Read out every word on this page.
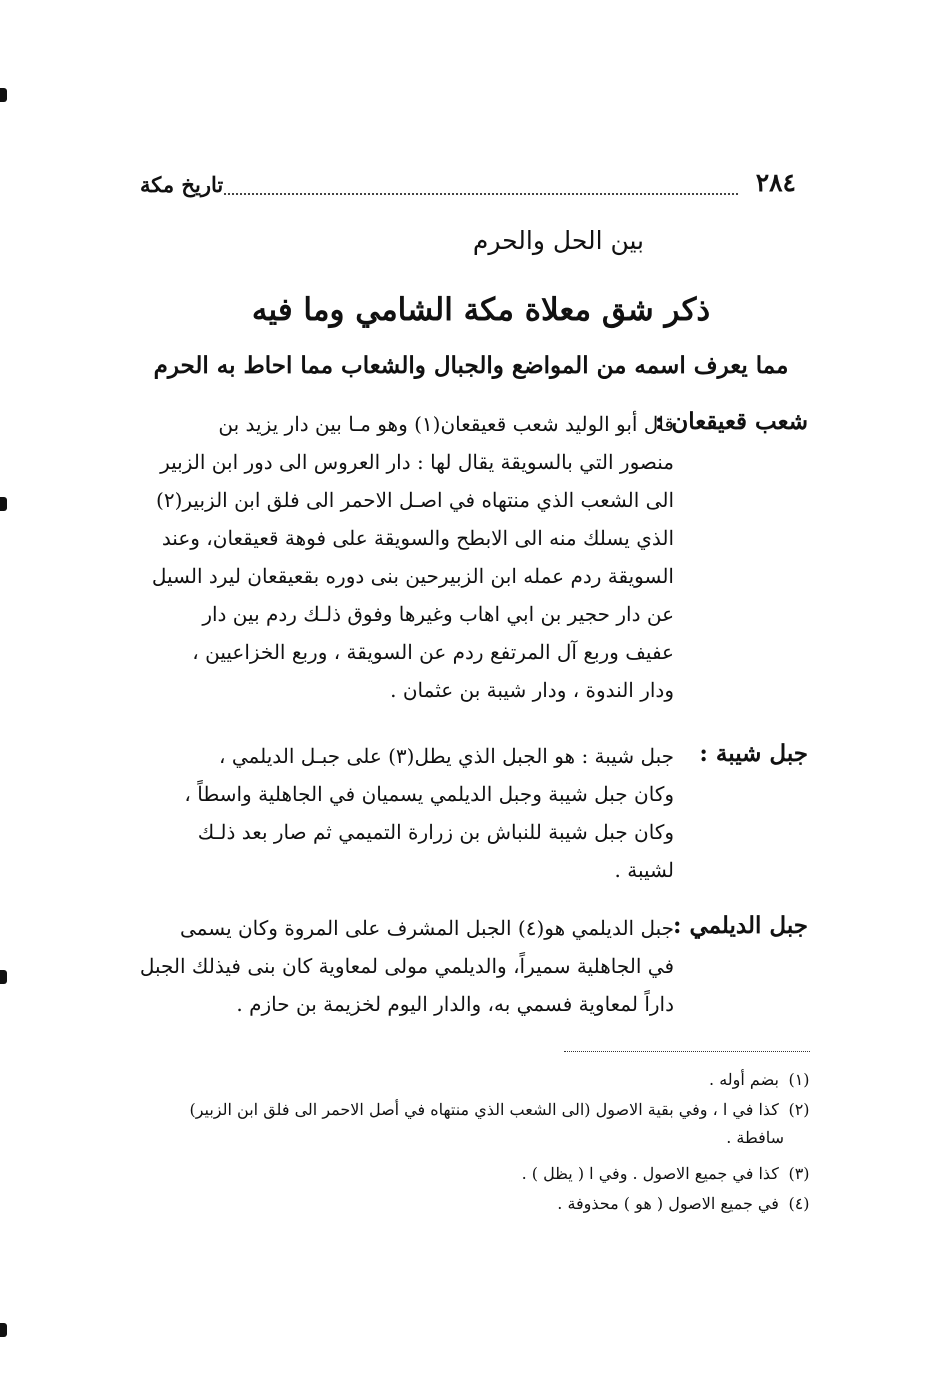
٢٨٤
تاريخ مكة
بين الحل والحرم
ذكر شق معلاة مكة الشامي وما فيه
مما يعرف اسمه من المواضع والجبال والشعاب مما احاط به الحرم
شعب قعيقعان :
قال أبو الوليد شعب قعيقعان(١) وهو مـا بين دار يزيد بن
منصور التي بالسويقة يقال لها : دار العروس الى دور ابن الزبير
الى الشعب الذي منتهاه في اصـل الاحمر الى فلق ابن الزبير(٢)
الذي يسلك منه الى الابطح والسويقة على فوهة قعيقعان، وعند
السويقة ردم عمله ابن الزبيرحين بنى دوره بقعيقعان ليرد السيل
عن دار حجير بن ابي اهاب وغيرها وفوق ذلـك ردم بين دار
عفيف وربع آل المرتفع ردم عن السويقة ، وربع الخزاعيين ،
ودار الندوة ، ودار شيبة بن عثمان .
جبل شيبة :
جبل شيبة : هو الجبل الذي يطل(٣) على جبـل الديلمي ،
وكان جبل شيبة وجبل الديلمي يسميان في الجاهلية واسطاً ،
وكان جبل شيبة للنباش بن زرارة التميمي ثم صار بعد ذلـك
لشيبة .
جبل الديلمي :
جبل الديلمي هو(٤) الجبل المشرف على المروة وكان يسمى
في الجاهلية سميراً، والديلمي مولى لمعاوية كان بنى فيذلك الجبل
داراً لمعاوية فسمي به، والدار اليوم لخزيمة بن حازم .
(١) بضم أوله .
(٢) كذا في ا ، وفي بقية الاصول (الى الشعب الذي منتهاه في أصل الاحمر الى فلق ابن الزبير)
سافطة .
(٣) كذا في جميع الاصول . وفي ا ( يظل ) .
(٤) في جميع الاصول ( هو ) محذوفة .
